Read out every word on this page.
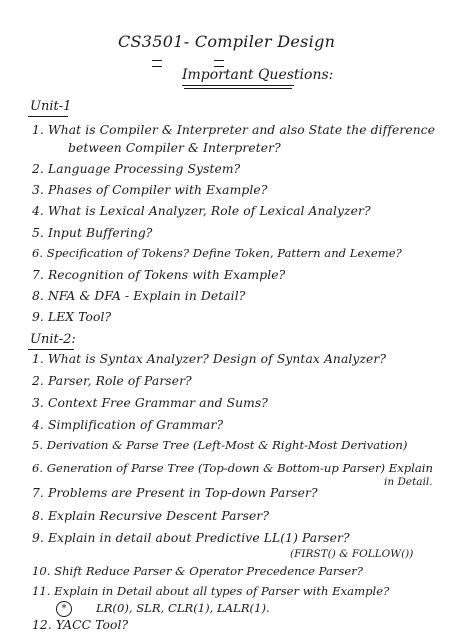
CS3501- Compiler Design
Important Questions:
Unit-1
1. What is Compiler & Interpreter and also State the difference
between Compiler & Interpreter?
2. Language Processing System?
3. Phases of Compiler with Example?
4. What is Lexical Analyzer, Role of Lexical Analyzer?
5. Input Buffering?
6. Specification of Tokens? Define Token, Pattern and Lexeme?
7. Recognition of Tokens with Example?
8. NFA & DFA - Explain in Detail?
9. LEX Tool?
Unit-2:
1. What is Syntax Analyzer? Design of Syntax Analyzer?
2. Parser, Role of Parser?
3. Context Free Grammar and Sums?
4. Simplification of Grammar?
5. Derivation & Parse Tree (Left-Most & Right-Most Derivation)
6. Generation of Parse Tree (Top-down & Bottom-up Parser) Explain
in Detail.
7. Problems are Present in Top-down Parser?
8. Explain Recursive Descent Parser?
9. Explain in detail about Predictive LL(1) Parser?
(FIRST() & FOLLOW())
10. Shift Reduce Parser & Operator Precedence Parser?
11. Explain in Detail about all types of Parser with Example?
*	LR(0), SLR, CLR(1), LALR(1).
12. YACC Tool?
